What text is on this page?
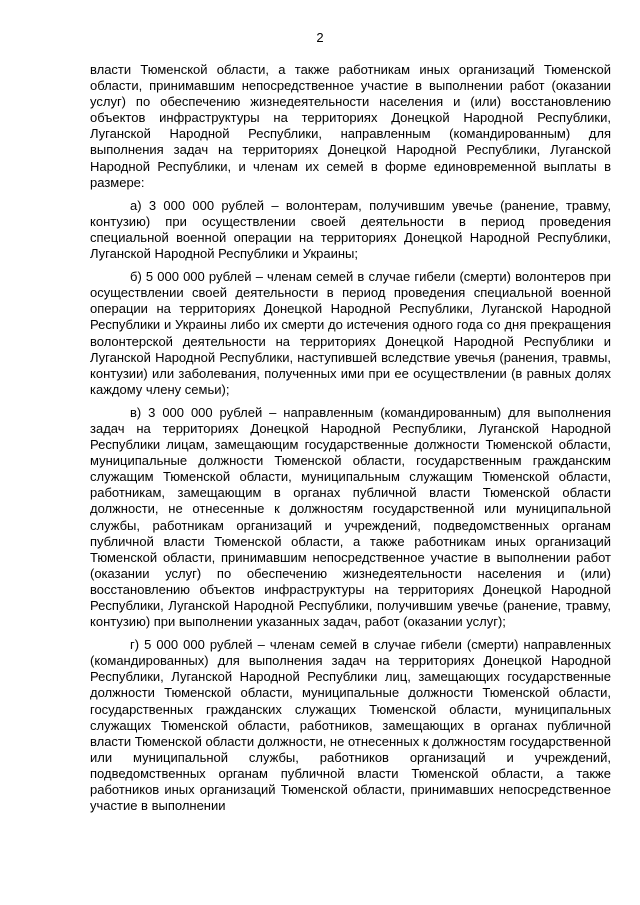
2

власти Тюменской области, а также работникам иных организаций Тюменской области, принимавшим непосредственное участие в выполнении работ (оказании услуг) по обеспечению жизнедеятельности населения и (или) восстановлению объектов инфраструктуры на территориях Донецкой Народной Республики, Луганской Народной Республики, направленным (командированным) для выполнения задач на территориях Донецкой Народной Республики, Луганской Народной Республики, и членам их семей в форме единовременной выплаты в размере:

а) 3 000 000 рублей – волонтерам, получившим увечье (ранение, травму, контузию) при осуществлении своей деятельности в период проведения специальной военной операции на территориях Донецкой Народной Республики, Луганской Народной Республики и Украины;

б) 5 000 000 рублей – членам семей в случае гибели (смерти) волонтеров при осуществлении своей деятельности в период проведения специальной военной операции на территориях Донецкой Народной Республики, Луганской Народной Республики и Украины либо их смерти до истечения одного года со дня прекращения волонтерской деятельности на территориях Донецкой Народной Республики и Луганской Народной Республики, наступившей вследствие увечья (ранения, травмы, контузии) или заболевания, полученных ими при ее осуществлении (в равных долях каждому члену семьи);

в) 3 000 000 рублей – направленным (командированным) для выполнения задач на территориях Донецкой Народной Республики, Луганской Народной Республики лицам, замещающим государственные должности Тюменской области, муниципальные должности Тюменской области, государственным гражданским служащим Тюменской области, муниципальным служащим Тюменской области, работникам, замещающим в органах публичной власти Тюменской области должности, не отнесенные к должностям государственной или муниципальной службы, работникам организаций и учреждений, подведомственных органам публичной власти Тюменской области, а также работникам иных организаций Тюменской области, принимавшим непосредственное участие в выполнении работ (оказании услуг) по обеспечению жизнедеятельности населения и (или) восстановлению объектов инфраструктуры на территориях Донецкой Народной Республики, Луганской Народной Республики, получившим увечье (ранение, травму, контузию) при выполнении указанных задач, работ (оказании услуг);

г) 5 000 000 рублей – членам семей в случае гибели (смерти) направленных (командированных) для выполнения задач на территориях Донецкой Народной Республики, Луганской Народной Республики лиц, замещающих государственные должности Тюменской области, муниципальные должности Тюменской области, государственных гражданских служащих Тюменской области, муниципальных служащих Тюменской области, работников, замещающих в органах публичной власти Тюменской области должности, не отнесенных к должностям государственной или муниципальной службы, работников организаций и учреждений, подведомственных органам публичной власти Тюменской области, а также работников иных организаций Тюменской области, принимавших непосредственное участие в выполнении
